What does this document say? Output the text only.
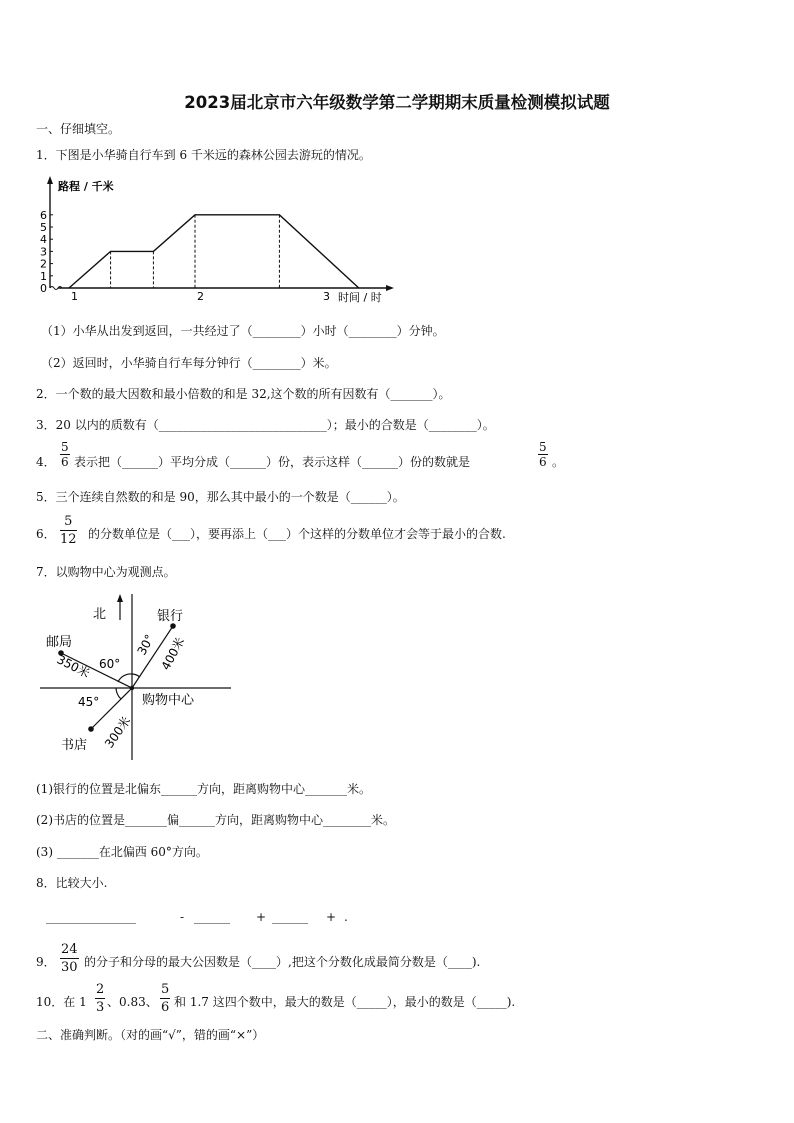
2023届北京市六年级数学第二学期期末质量检测模拟试题
一、仔细填空。
1．下图是小华骑自行车到 6 千米远的森林公园去游玩的情况。
路程 / 千米
时间 / 时
0
1
2
3
4
5
6
1	2	3
（1）小华从出发到返回，一共经过了（________）小时（________）分钟。
（2）返回时，小华骑自行车每分钟行（________）米。
2．一个数的最大因数和最小倍数的和是 32,这个数的所有因数有（_______）。
3．20 以内的质数有（____________________________）；最小的合数是（________）。
4． $\frac{5}{6}$ 表示把（______）平均分成（______）份，表示这样（______）份的数就是	$\frac{5}{6}$ 。
5．三个连续自然数的和是 90，那么其中最小的一个数是（______）。
6． $\frac{5}{12}$ 的分数单位是（___），要再添上（___）个这样的分数单位才会等于最小的合数.
7．以购物中心为观测点。
北	银行
邮局
书店
购物中心
30°
60°
45°
400米
350米
300米
(1)银行的位置是北偏东______方向，距离购物中心_______米。
(2)书店的位置是_______偏______方向，距离购物中心________米。
(3) _______在北偏西 60°方向。
8．比较大小.
_______________	- ______ + ______ + .
9． $\frac{24}{30}$ 的分子和分母的最大公因数是（____）,把这个分数化成最简分数是（____).
10．在 $1 \frac{2}{3}$ 、0.83、 $\frac{5}{6}$ 和 1.7 这四个数中，最大的数是（_____），最小的数是（_____).
二、准确判断。（对的画“√”，错的画“×”）
